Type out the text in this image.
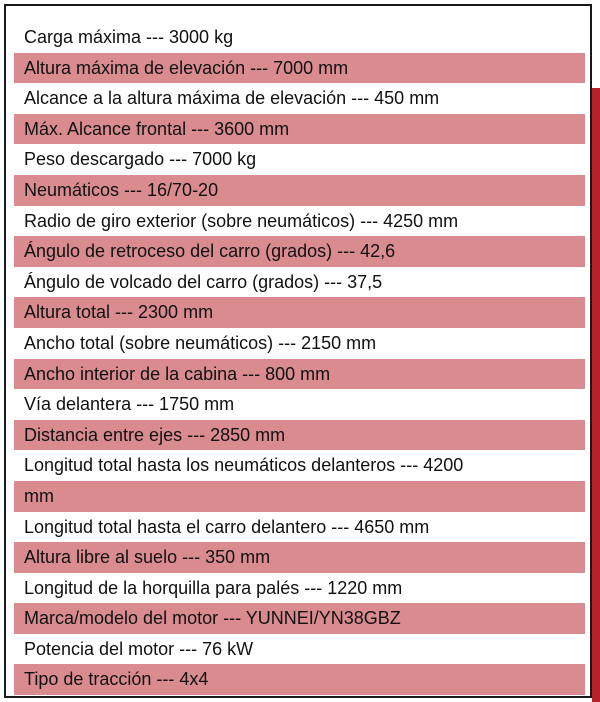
Carga máxima --- 3000 kg
Altura máxima de elevación --- 7000 mm
Alcance a la altura máxima de elevación --- 450 mm
Máx. Alcance frontal --- 3600 mm
Peso descargado --- 7000 kg
Neumáticos --- 16/70-20
Radio de giro exterior (sobre neumáticos) --- 4250 mm
Ángulo de retroceso del carro (grados) --- 42,6
Ángulo de volcado del carro (grados) --- 37,5
Altura total --- 2300 mm
Ancho total (sobre neumáticos) --- 2150 mm
Ancho interior de la cabina --- 800 mm
Vía delantera --- 1750 mm
Distancia entre ejes --- 2850 mm
Longitud total hasta los neumáticos delanteros --- 4200
mm
Longitud total hasta el carro delantero --- 4650 mm
Altura libre al suelo --- 350 mm
Longitud de la horquilla para palés --- 1220 mm
Marca/modelo del motor --- YUNNEI/YN38GBZ
Potencia del motor --- 76 kW
Tipo de tracción --- 4x4
